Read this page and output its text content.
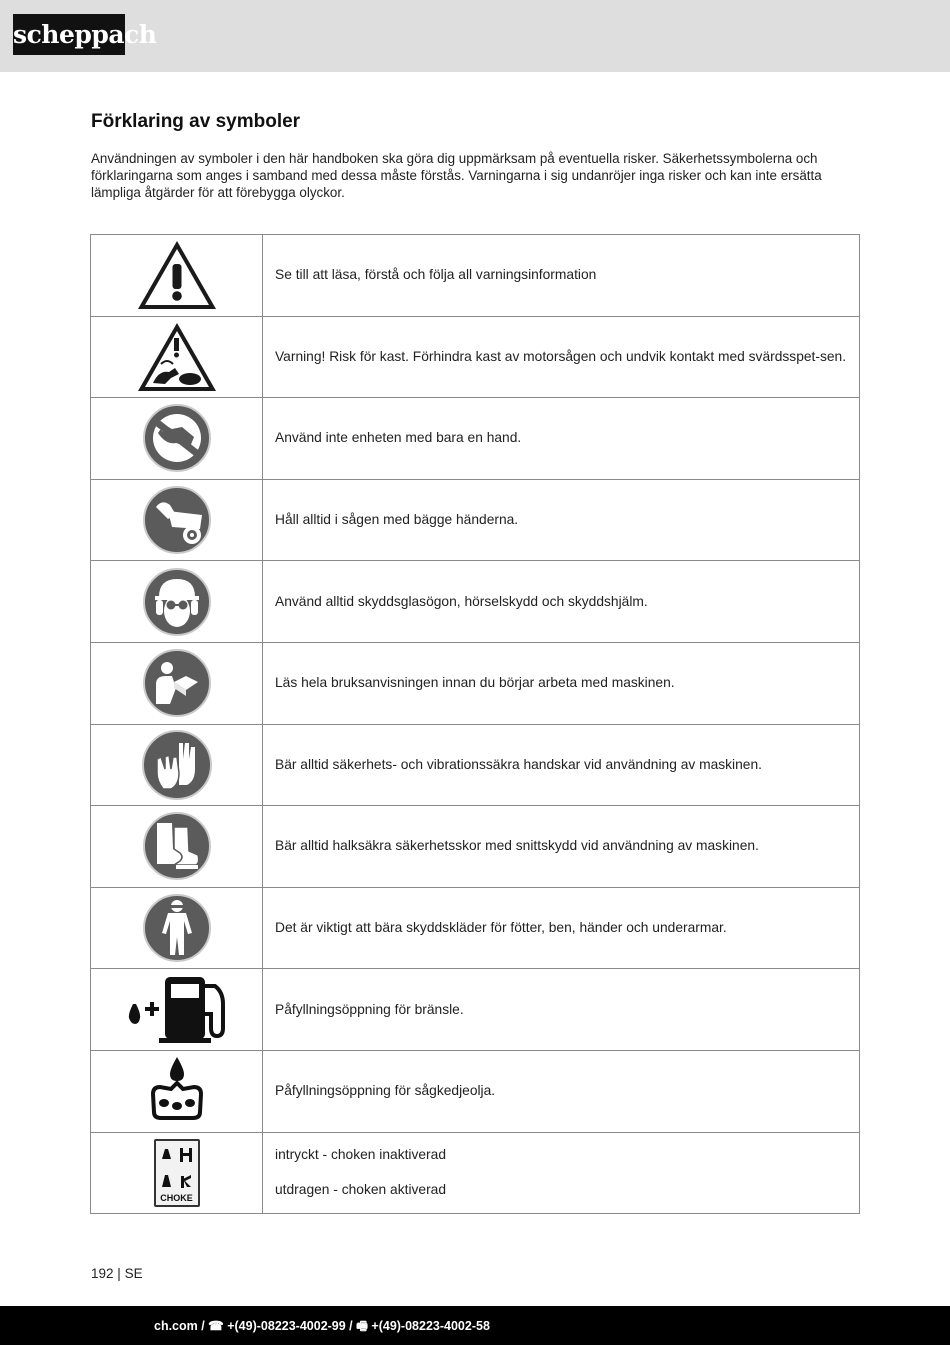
scheppach
Förklaring av symboler

Användningen av symboler i den här handboken ska göra dig uppmärksam på eventuella risker. Säkerhetssymbolerna och förklaringarna som anges i samband med dessa måste förstås. Varningarna i sig undanröjer inga risker och kan inte ersätta lämpliga åtgärder för att förebygga olyckor.

	Se till att läsa, förstå och följa all varningsinformation
	Varning! Risk för kast. Förhindra kast av motorsågen och undvik kontakt med svärdsspet-sen.
	Använd inte enheten med bara en hand.
	Håll alltid i sågen med bägge händerna.
	Använd alltid skyddsglasögon, hörselskydd och skyddshjälm.
	Läs hela bruksanvisningen innan du börjar arbeta med maskinen.
	Bär alltid säkerhets- och vibrationssäkra handskar vid användning av maskinen.
	Bär alltid halksäkra säkerhetsskor med snittskydd vid användning av maskinen.
	Det är viktigt att bära skyddskläder för fötter, ben, händer och underarmar.
	Påfyllningsöppning för bränsle.
	Påfyllningsöppning för sågkedjeolja.

CHOKE	intryckt - choken inaktiverad
utdragen - choken aktiverad
192 | SE
ch.com / ☎ +(49)-08223-4002-99 / 🖷 +(49)-08223-4002-58
